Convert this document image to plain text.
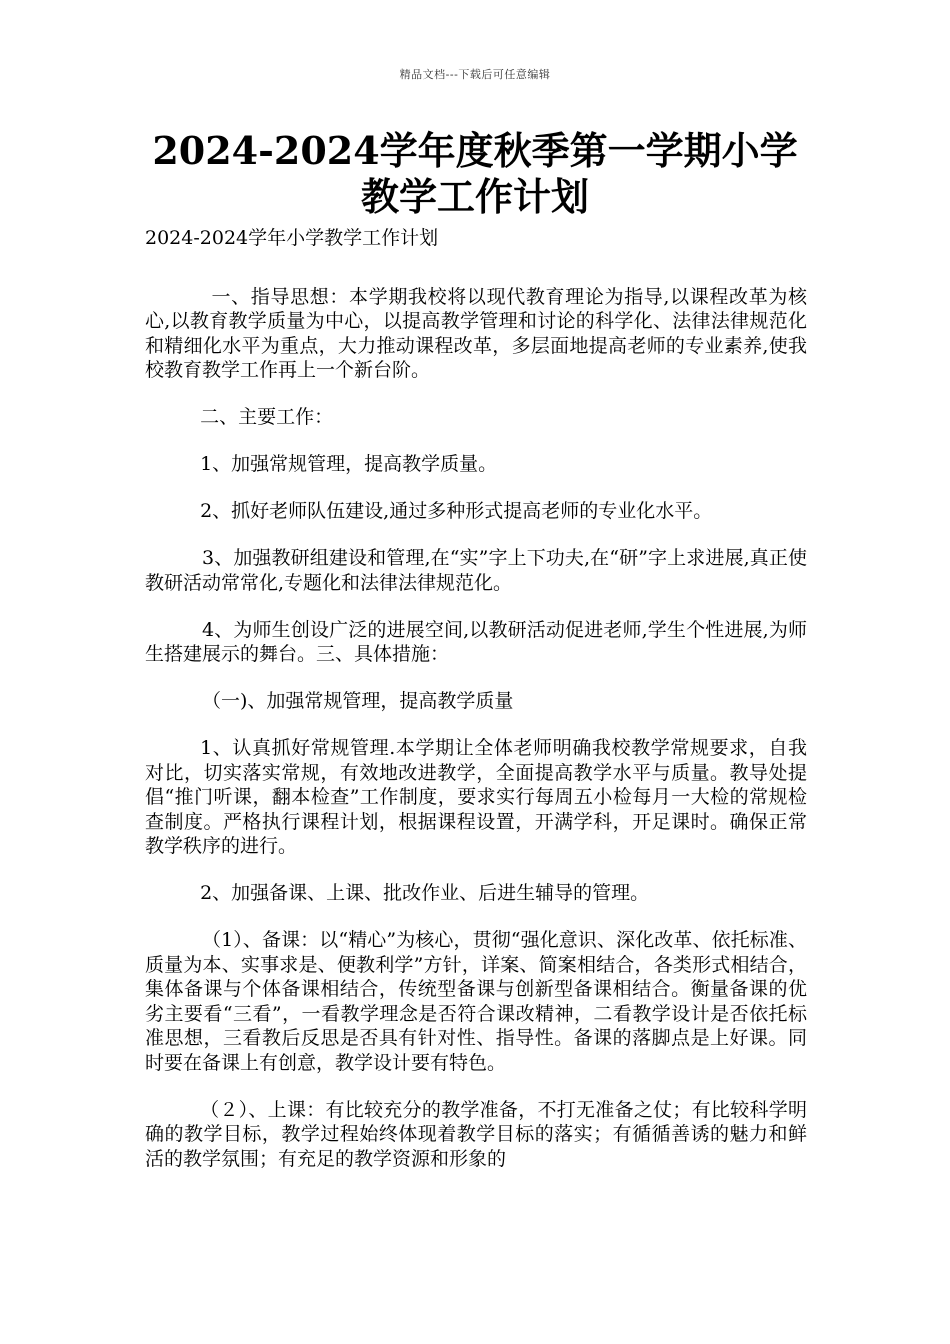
精品文档---下载后可任意编辑
2024-2024学年度秋季第一学期小学教学工作计划

2024-2024学年小学教学工作计划

一、指导思想：本学期我校将以现代教育理论为指导,以课程改革为核心,以教育教学质量为中心，以提高教学管理和讨论的科学化、法律法律规范化和精细化水平为重点，大力推动课程改革，多层面地提高老师的专业素养,使我校教育教学工作再上一个新台阶。

二、主要工作：

1、加强常规管理，提高教学质量。

2、抓好老师队伍建设,通过多种形式提高老师的专业化水平。

3、加强教研组建设和管理,在“实”字上下功夫,在“研”字上求进展,真正使教研活动常常化,专题化和法律法律规范化。

4、为师生创设广泛的进展空间,以教研活动促进老师,学生个性进展,为师生搭建展示的舞台。三、具体措施：

（一)、加强常规管理，提高教学质量

1、认真抓好常规管理.本学期让全体老师明确我校教学常规要求，自我对比，切实落实常规，有效地改进教学，全面提高教学水平与质量。教导处提倡“推门听课，翻本检查”工作制度，要求实行每周五小检每月一大检的常规检查制度。严格执行课程计划，根据课程设置，开满学科，开足课时。确保正常教学秩序的进行。

2、加强备课、上课、批改作业、后进生辅导的管理。

（1）、备课：以“精心”为核心，贯彻“强化意识、深化改革、依托标准、质量为本、实事求是、便教利学”方针，详案、简案相结合，各类形式相结合，集体备课与个体备课相结合，传统型备课与创新型备课相结合。衡量备课的优劣主要看“三看”，一看教学理念是否符合课改精神，二看教学设计是否依托标准思想，三看教后反思是否具有针对性、指导性。备课的落脚点是上好课。同时要在备课上有创意，教学设计要有特色。

（２）、上课：有比较充分的教学准备，不打无准备之仗；有比较科学明确的教学目标，教学过程始终体现着教学目标的落实；有循循善诱的魅力和鲜活的教学氛围；有充足的教学资源和形象的
